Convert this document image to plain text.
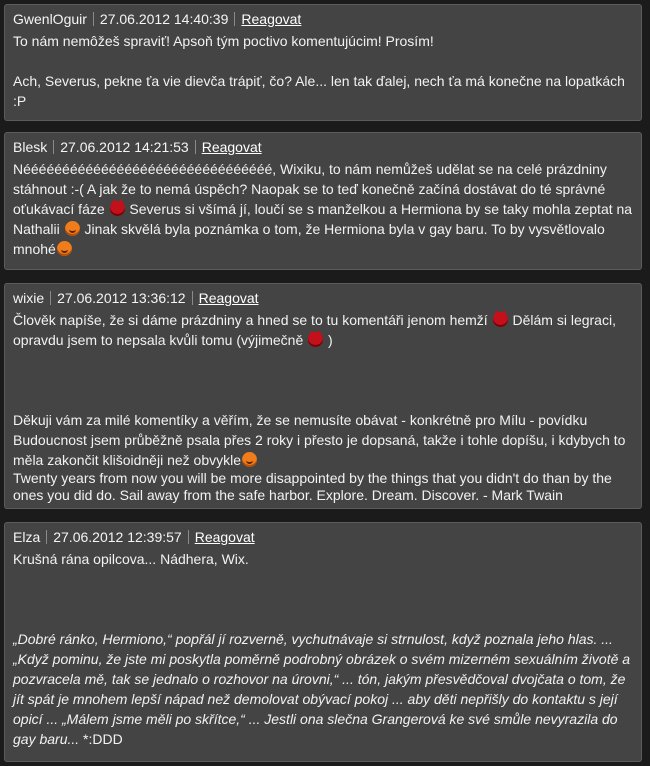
GwenlOguir 27.06.2012 14:40:39 Reagovat

To nám nemôžeš spraviť! Apsoň tým poctivo komentujúcim! Prosím!

Ach, Severus, pekne ťa vie dievča trápiť, čo? Ale... len tak ďalej, nech ťa má konečne na lopatkách :P

Blesk 27.06.2012 14:21:53 Reagovat

Néééééééééééééééééééééééééééééééé, Wixiku, to nám nemůžeš udělat se na celé prázdniny stáhnout :-( A jak že to nemá úspěch? Naopak se to teď konečně začíná dostávat do té správné oťukávací fáze Severus si všímá jí, loučí se s manželkou a Hermiona by se taky mohla zeptat na Nathalii Jinak skvělá byla poznámka o tom, že Hermiona byla v gay baru. To by vysvětlovalo mnohé

wixie 27.06.2012 13:36:12 Reagovat

Člověk napíše, že si dáme prázdniny a hned se to tu komentáři jenom hemží Dělám si legraci, opravdu jsem to nepsala kvůli tomu (výjimečně )

Děkuji vám za milé komentíky a věřím, že se nemusíte obávat - konkrétně pro Mílu - povídku Budoucnost jsem průběžně psala přes 2 roky i přesto je dopsaná, takže i tohle dopíšu, i kdybych to měla zakončit klišoidněji než obvykle

Twenty years from now you will be more disappointed by the things that you didn't do than by the ones you did do. Sail away from the safe harbor. Explore. Dream. Discover. - Mark Twain

Elza 27.06.2012 12:39:57 Reagovat

Krušná rána opilcova... Nádhera, Wix.

„Dobré ránko, Hermiono,“ popřál jí rozverně, vychutnávaje si strnulost, když poznala jeho hlas. ... „Když pominu, že jste mi poskytla poměrně podrobný obrázek o svém mizerném sexuálním životě a pozvracela mě, tak se jednalo o rozhovor na úrovni,“ ... tón, jakým přesvědčoval dvojčata o tom, že jít spát je mnohem lepší nápad než demolovat obývací pokoj ... aby děti nepřišly do kontaktu s její opicí ... „Málem jsme měli po skřítce,“ ... Jestli ona slečna Grangerová ke své smůle nevyrazila do gay baru... *:DDD
